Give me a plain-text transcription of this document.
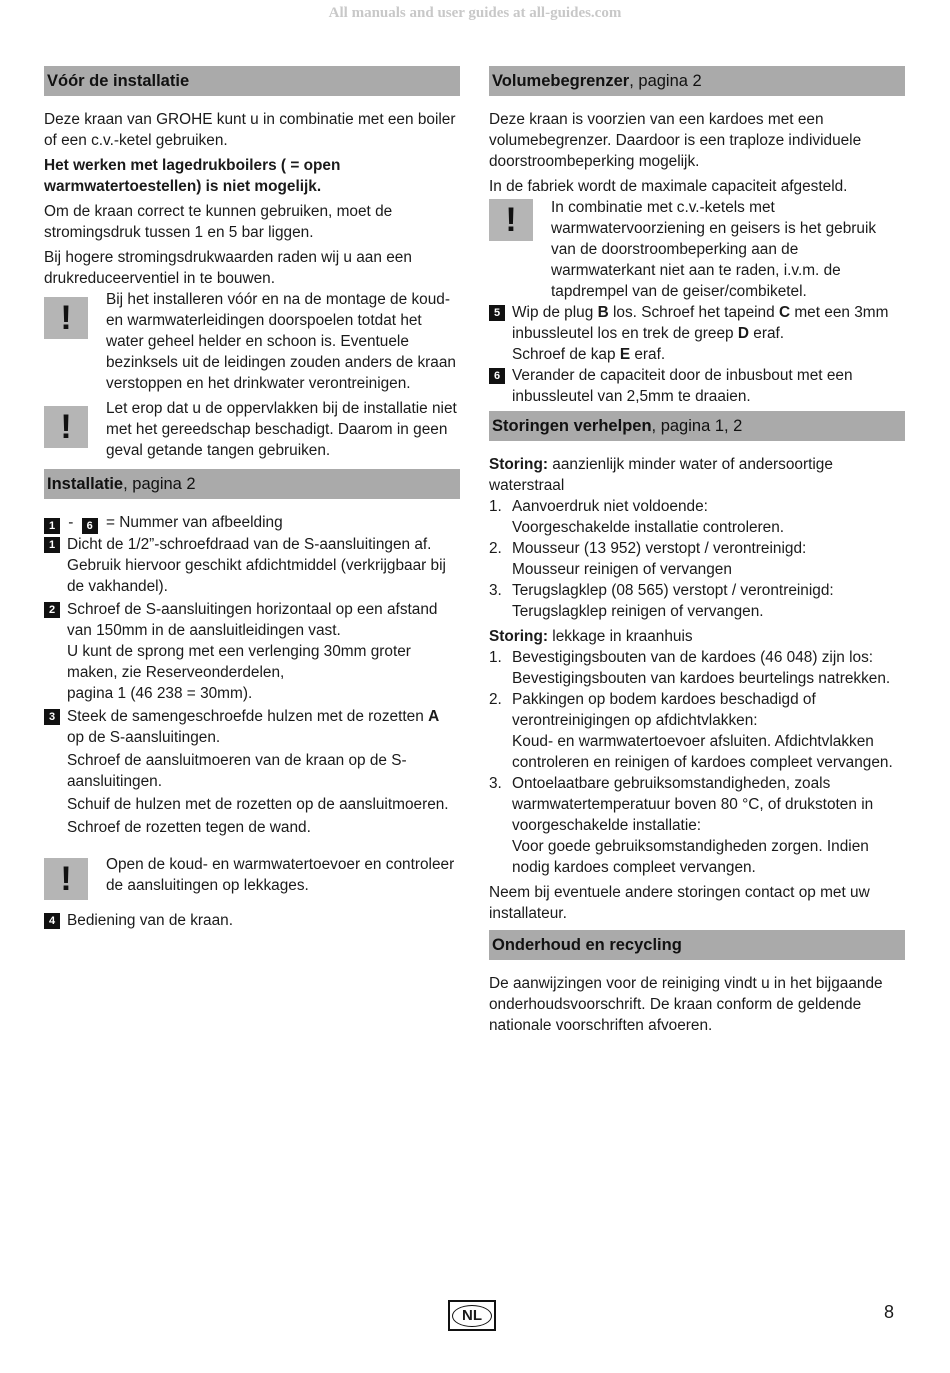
All manuals and user guides at all-guides.com
Vóór de installatie

Deze kraan van GROHE kunt u in combinatie met een boiler of een c.v.-ketel gebruiken.

Het werken met lagedrukboilers ( = open warmwatertoestellen) is niet mogelijk.

Om de kraan correct te kunnen gebruiken, moet de stromingsdruk tussen 1 en 5 bar liggen.

Bij hogere stromingsdrukwaarden raden wij u aan een drukreduceerventiel in te bouwen.

!	Bij het installeren vóór en na de montage de koud- en warmwaterleidingen doorspoelen totdat het water geheel helder en schoon is. Eventuele bezinksels uit de leidingen zouden anders de kraan verstoppen en het drinkwater verontreinigen.
!	Let erop dat u de oppervlakken bij de installatie niet met het gereedschap beschadigt. Daarom in geen geval getande tangen gebruiken.
Installatie, pagina 2
1 - 6 = Nummer van afbeelding
1 Dicht de 1/2”-schroefdraad van de S-aansluitingen af. Gebruik hiervoor geschikt afdichtmiddel (verkrijgbaar bij de vakhandel).
2 Schroef de S-aansluitingen horizontaal op een afstand van 150mm in de aansluitleidingen vast.
U kunt de sprong met een verlenging 30mm groter maken, zie Reserveonderdelen,
pagina 1 (46 238 = 30mm).
3 Steek de samengeschroefde hulzen met de rozetten A op de S-aansluitingen.
Schroef de aansluitmoeren van de kraan op de S-aansluitingen.
Schuif de hulzen met de rozetten op de aansluitmoeren.
Schroef de rozetten tegen de wand.
!	Open de koud- en warmwatertoevoer en controleer de aansluitingen op lekkages.
4 Bediening van de kraan.
Volumebegrenzer, pagina 2

Deze kraan is voorzien van een kardoes met een volumebegrenzer. Daardoor is een traploze individuele doorstroombeperking mogelijk.

In de fabriek wordt de maximale capaciteit afgesteld.

!	In combinatie met c.v.-ketels met warmwatervoorziening en geisers is het gebruik van de doorstroombeperking aan de warmwaterkant niet aan te raden, i.v.m. de tapdrempel van de geiser/combiketel.
5 Wip de plug B los. Schroef het tapeind C met een 3mm inbussleutel los en trek de greep D eraf.
Schroef de kap E eraf.
6 Verander de capaciteit door de inbusbout met een inbussleutel van 2,5mm te draaien.
Storingen verhelpen, pagina 1, 2

Storing: aanzienlijk minder water of andersoortige waterstraal

1. Aanvoerdruk niet voldoende:
Voorgeschakelde installatie controleren.
2. Mousseur (13 952) verstopt / verontreinigd:
Mousseur reinigen of vervangen
3. Terugslagklep (08 565) verstopt / verontreinigd:
Terugslagklep reinigen of vervangen.

Storing: lekkage in kraanhuis

1. Bevestigingsbouten van de kardoes (46 048) zijn los:
Bevestigingsbouten van kardoes beurtelings natrekken.
2. Pakkingen op bodem kardoes beschadigd of verontreinigingen op afdichtvlakken:
Koud- en warmwatertoevoer afsluiten. Afdichtvlakken controleren en reinigen of kardoes compleet vervangen.
3. Ontoelaatbare gebruiksomstandigheden, zoals warmwatertemperatuur boven 80 °C, of drukstoten in voorgeschakelde installatie:
Voor goede gebruiksomstandigheden zorgen. Indien nodig kardoes compleet vervangen.

Neem bij eventuele andere storingen contact op met uw installateur.

Onderhoud en recycling

De aanwijzingen voor de reiniging vindt u in het bijgaande onderhoudsvoorschrift. De kraan conform de geldende nationale voorschriften afvoeren.

NL	8
